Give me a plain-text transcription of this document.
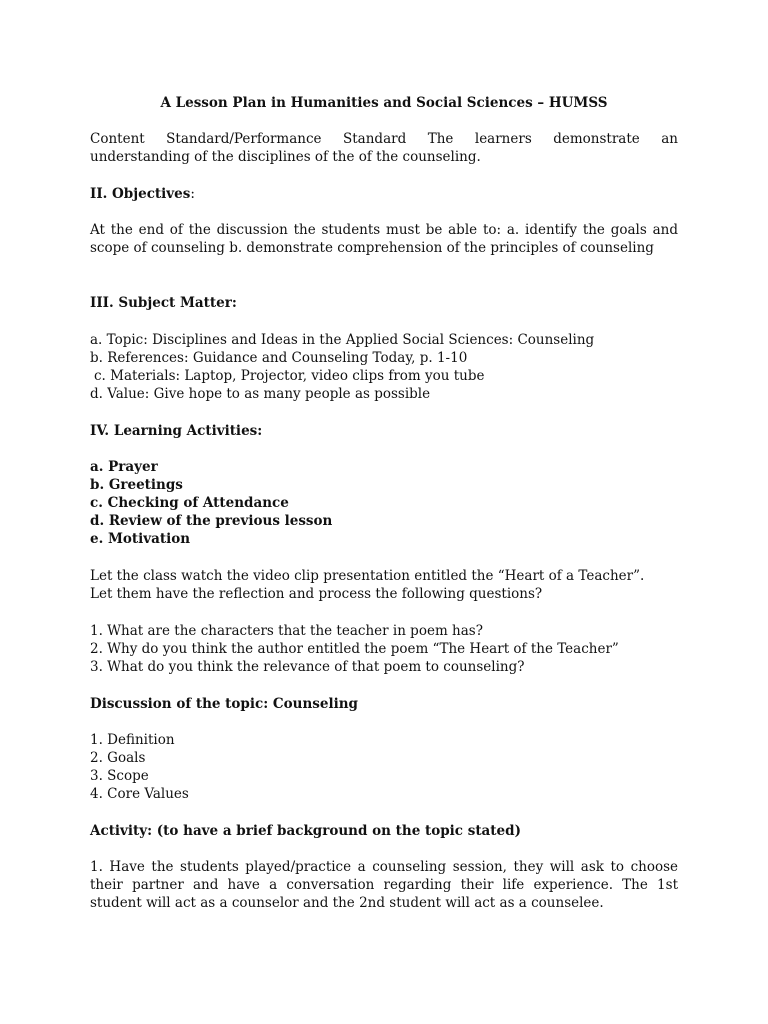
A Lesson Plan in Humanities and Social Sciences – HUMSS

Content Standard/Performance Standard The learners demonstrate an understanding of the disciplines of the of the counseling.

II. Objectives:

At the end of the discussion the students must be able to: a. identify the goals and scope of counseling b. demonstrate comprehension of the principles of counseling

III. Subject Matter:

a. Topic: Disciplines and Ideas in the Applied Social Sciences: Counseling
b. References: Guidance and Counseling Today, p. 1-10
c. Materials: Laptop, Projector, video clips from you tube
d. Value: Give hope to as many people as possible

IV. Learning Activities:

a. Prayer
b. Greetings
c. Checking of Attendance
d. Review of the previous lesson
e. Motivation
Let the class watch the video clip presentation entitled the “Heart of a Teacher”.
Let them have the reflection and process the following questions?
1. What are the characters that the teacher in poem has?
2. Why do you think the author entitled the poem “The Heart of the Teacher”
3. What do you think the relevance of that poem to counseling?

Discussion of the topic: Counseling

1. Definition
2. Goals
3. Scope
4. Core Values

Activity: (to have a brief background on the topic stated)

1. Have the students played/practice a counseling session, they will ask to choose their partner and have a conversation regarding their life experience. The 1st student will act as a counselor and the 2nd student will act as a counselee.
